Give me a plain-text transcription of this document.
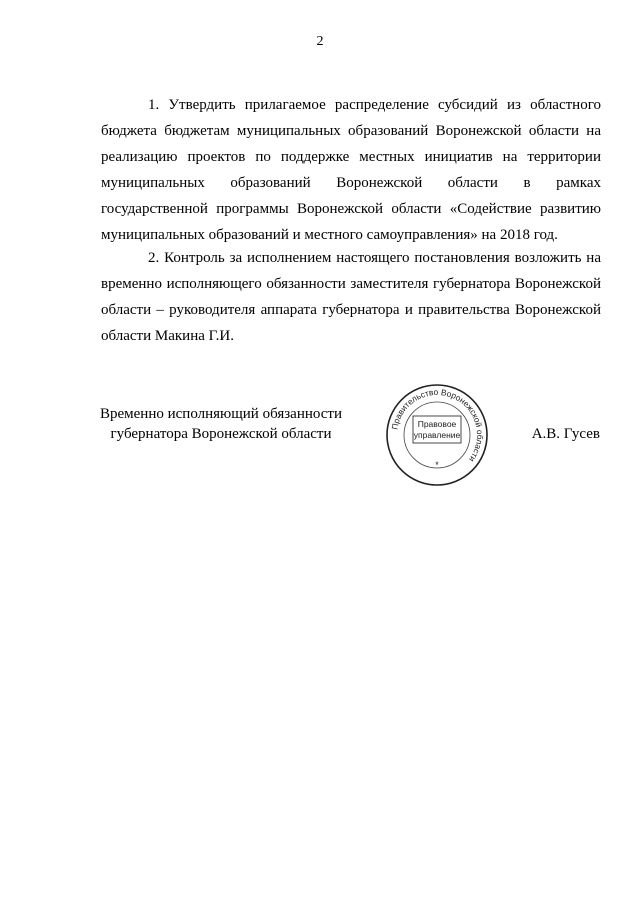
2

1. Утвердить прилагаемое распределение субсидий из областного бюджета бюджетам муниципальных образований Воронежской области на реализацию проектов по поддержке местных инициатив на территории муниципальных образований Воронежской области в рамках государственной программы Воронежской области «Содействие развитию муниципальных образований и местного самоуправления» на 2018 год.

2. Контроль за исполнением настоящего постановления возложить на временно исполняющего обязанности заместителя губернатора Воронежской области – руководителя аппарата губернатора и правительства Воронежской области Макина Г.И.

Временно исполняющий обязанности
губернатора Воронежской области	Правительство Воронежской области
Правовое
управление
*
А.В. Гусев
